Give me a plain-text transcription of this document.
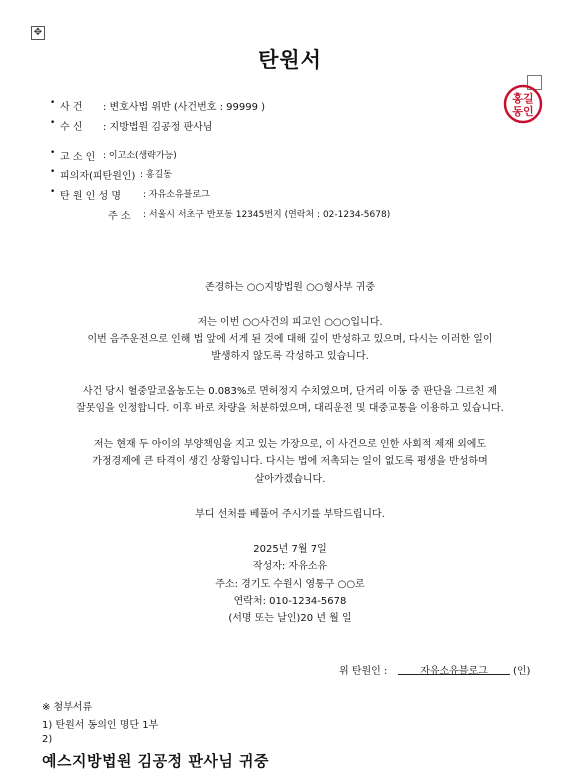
✥
탄원서
홍길
동인
• 사 건 : 변호사법 위반 (사건번호 : 99999 )
• 수 신 : 지방법원 김공정 판사님
• 고 소 인 : 이고소(생략가능)
• 피의자(피탄원인) : 홍길동
• 탄 원 인 성 명 : 자유소유블로그
주 소 : 서울시 서초구 반포동 12345번지 (연락처 : 02-1234-5678)
존경하는 ○○지방법원 ○○형사부 귀중
저는 이번 ○○사건의 피고인 ○○○입니다.
이번 음주운전으로 인해 법 앞에 서게 된 것에 대해 깊이 반성하고 있으며, 다시는 이러한 일이
발생하지 않도록 각성하고 있습니다.
사건 당시 혈중알코올농도는 0.083%로 면허정지 수치였으며, 단거리 이동 중 판단을 그르친 제
잘못임을 인정합니다. 이후 바로 차량을 처분하였으며, 대리운전 및 대중교통을 이용하고 있습니다.
저는 현재 두 아이의 부양책임을 지고 있는 가장으로, 이 사건으로 인한 사회적 제재 외에도
가정경제에 큰 타격이 생긴 상황입니다. 다시는 법에 저촉되는 일이 없도록 평생을 반성하며
살아가겠습니다.
부디 선처를 베풀어 주시기를 부탁드립니다.
2025년 7월 7일
작성자: 자유소유
주소: 경기도 수원시 영통구 ○○로
연락처: 010-1234-5678
(서명 또는 날인)20 년 월 일
위 탄원인 :	자유소유블로그	(인)
※ 첨부서류
1) 탄원서 동의인 명단 1부
2)
예스지방법원 김공정 판사님 귀중
